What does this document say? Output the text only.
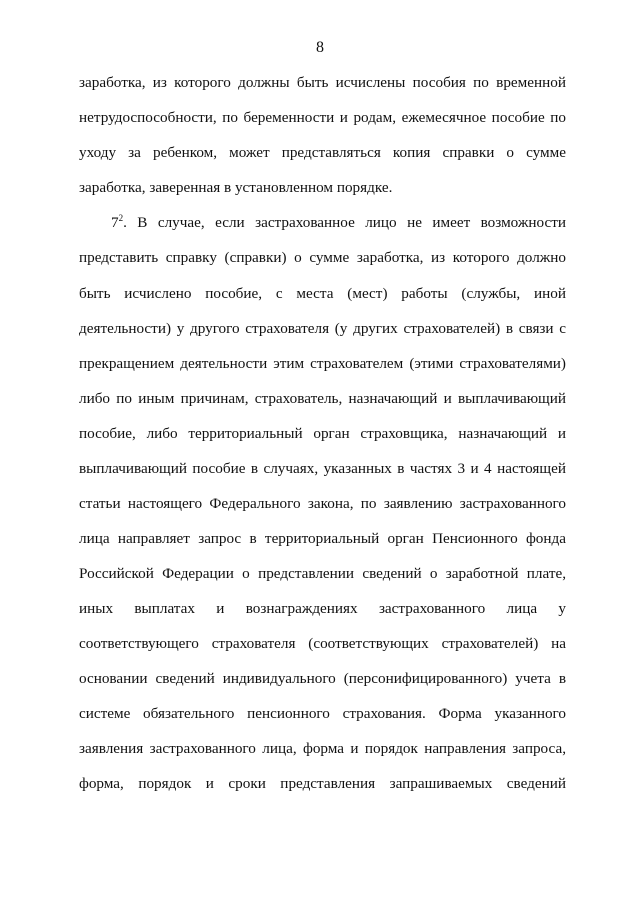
8
заработка, из которого должны быть исчислены пособия по временной
нетрудоспособности, по беременности и родам, ежемесячное пособие по
уходу за ребенком, может представляться копия справки о сумме
заработка, заверенная в установленном порядке.
$7^2$. В случае, если застрахованное лицо не имеет возможности
представить справку (справки) о сумме заработка, из которого должно
быть исчислено пособие, с места (мест) работы (службы, иной
деятельности) у другого страхователя (у других страхователей) в связи с
прекращением деятельности этим страхователем (этими страхователями)
либо по иным причинам, страхователь, назначающий и выплачивающий
пособие, либо территориальный орган страховщика, назначающий и
выплачивающий пособие в случаях, указанных в частях 3 и 4 настоящей
статьи настоящего Федерального закона, по заявлению застрахованного
лица направляет запрос в территориальный орган Пенсионного фонда
Российской Федерации о представлении сведений о заработной плате,
иных выплатах и вознаграждениях застрахованного лица у
соответствующего страхователя (соответствующих страхователей) на
основании сведений индивидуального (персонифицированного) учета в
системе обязательного пенсионного страхования. Форма указанного
заявления застрахованного лица, форма и порядок направления запроса,
форма, порядок и сроки представления запрашиваемых сведений
